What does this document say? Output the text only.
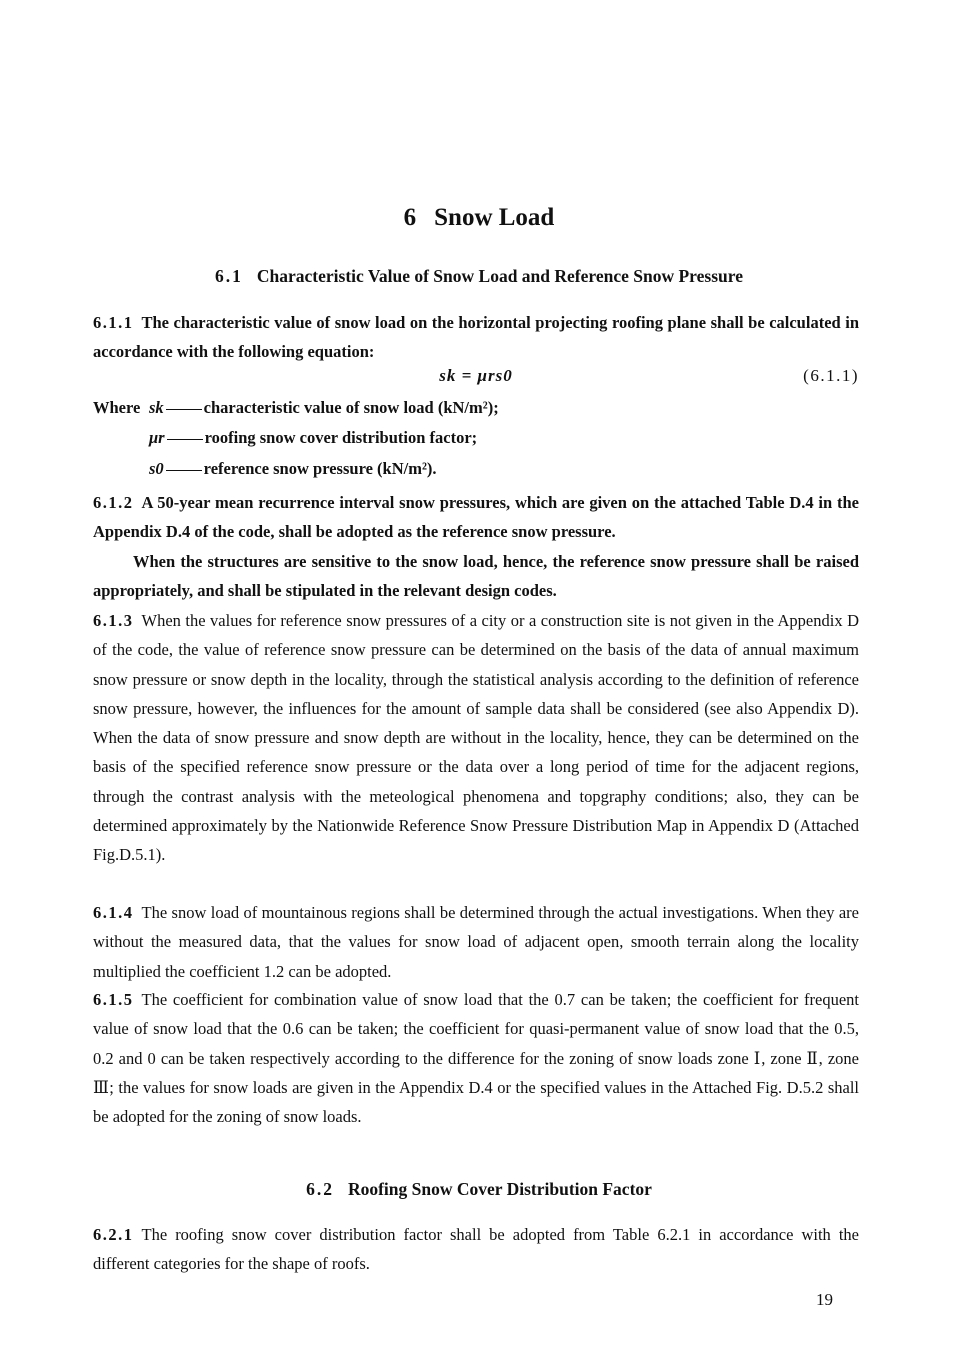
6 Snow Load
6.1 Characteristic Value of Snow Load and Reference Snow Pressure
6.1.1 The characteristic value of snow load on the horizontal projecting roofing plane shall be calculated in accordance with the following equation:
sk = μrs0	(6.1.1)
Where sk characteristic value of snow load (kN/m²);
μr roofing snow cover distribution factor;
s0 reference snow pressure (kN/m²).
6.1.2 A 50-year mean recurrence interval snow pressures, which are given on the attached Table D.4 in the Appendix D.4 of the code, shall be adopted as the reference snow pressure.
When the structures are sensitive to the snow load, hence, the reference snow pressure shall be raised appropriately, and shall be stipulated in the relevant design codes.
6.1.3 When the values for reference snow pressures of a city or a construction site is not given in the Appendix D of the code, the value of reference snow pressure can be determined on the basis of the data of annual maximum snow pressure or snow depth in the locality, through the statistical analysis according to the definition of reference snow pressure, however, the influences for the amount of sample data shall be considered (see also Appendix D). When the data of snow pressure and snow depth are without in the locality, hence, they can be determined on the basis of the specified reference snow pressure or the data over a long period of time for the adjacent regions, through the contrast analysis with the meteological phenomena and topgraphy conditions; also, they can be determined approximately by the Nationwide Reference Snow Pressure Distribution Map in Appendix D (Attached Fig.D.5.1).
6.1.4 The snow load of mountainous regions shall be determined through the actual investigations. When they are without the measured data, that the values for snow load of adjacent open, smooth terrain along the locality multiplied the coefficient 1.2 can be adopted.
6.1.5 The coefficient for combination value of snow load that the 0.7 can be taken; the coefficient for frequent value of snow load that the 0.6 can be taken; the coefficient for quasi-permanent value of snow load that the 0.5, 0.2 and 0 can be taken respectively according to the difference for the zoning of snow loads zone Ⅰ, zone Ⅱ, zone Ⅲ; the values for snow loads are given in the Appendix D.4 or the specified values in the Attached Fig. D.5.2 shall be adopted for the zoning of snow loads.
6.2 Roofing Snow Cover Distribution Factor
6.2.1 The roofing snow cover distribution factor shall be adopted from Table 6.2.1 in accordance with the different categories for the shape of roofs.
19
